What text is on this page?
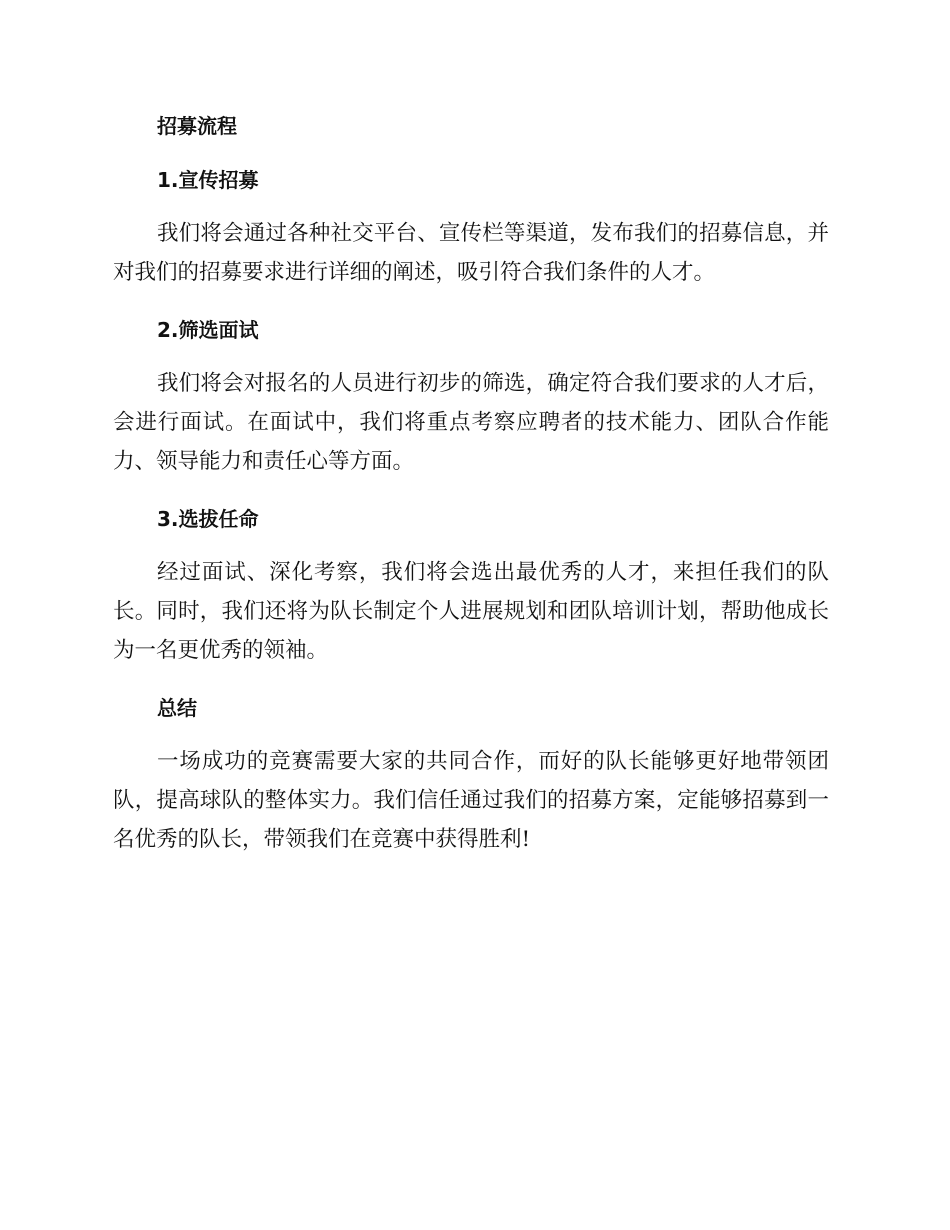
招募流程
1.宣传招募

我们将会通过各种社交平台、宣传栏等渠道，发布我们的招募信息，并对我们的招募要求进行详细的阐述，吸引符合我们条件的人才。

2.筛选面试

我们将会对报名的人员进行初步的筛选，确定符合我们要求的人才后，会进行面试。在面试中，我们将重点考察应聘者的技术能力、团队合作能力、领导能力和责任心等方面。

3.选拔任命

经过面试、深化考察，我们将会选出最优秀的人才，来担任我们的队长。同时，我们还将为队长制定个人进展规划和团队培训计划，帮助他成长为一名更优秀的领袖。

总结

一场成功的竞赛需要大家的共同合作，而好的队长能够更好地带领团队，提高球队的整体实力。我们信任通过我们的招募方案，定能够招募到一名优秀的队长，带领我们在竞赛中获得胜利!
